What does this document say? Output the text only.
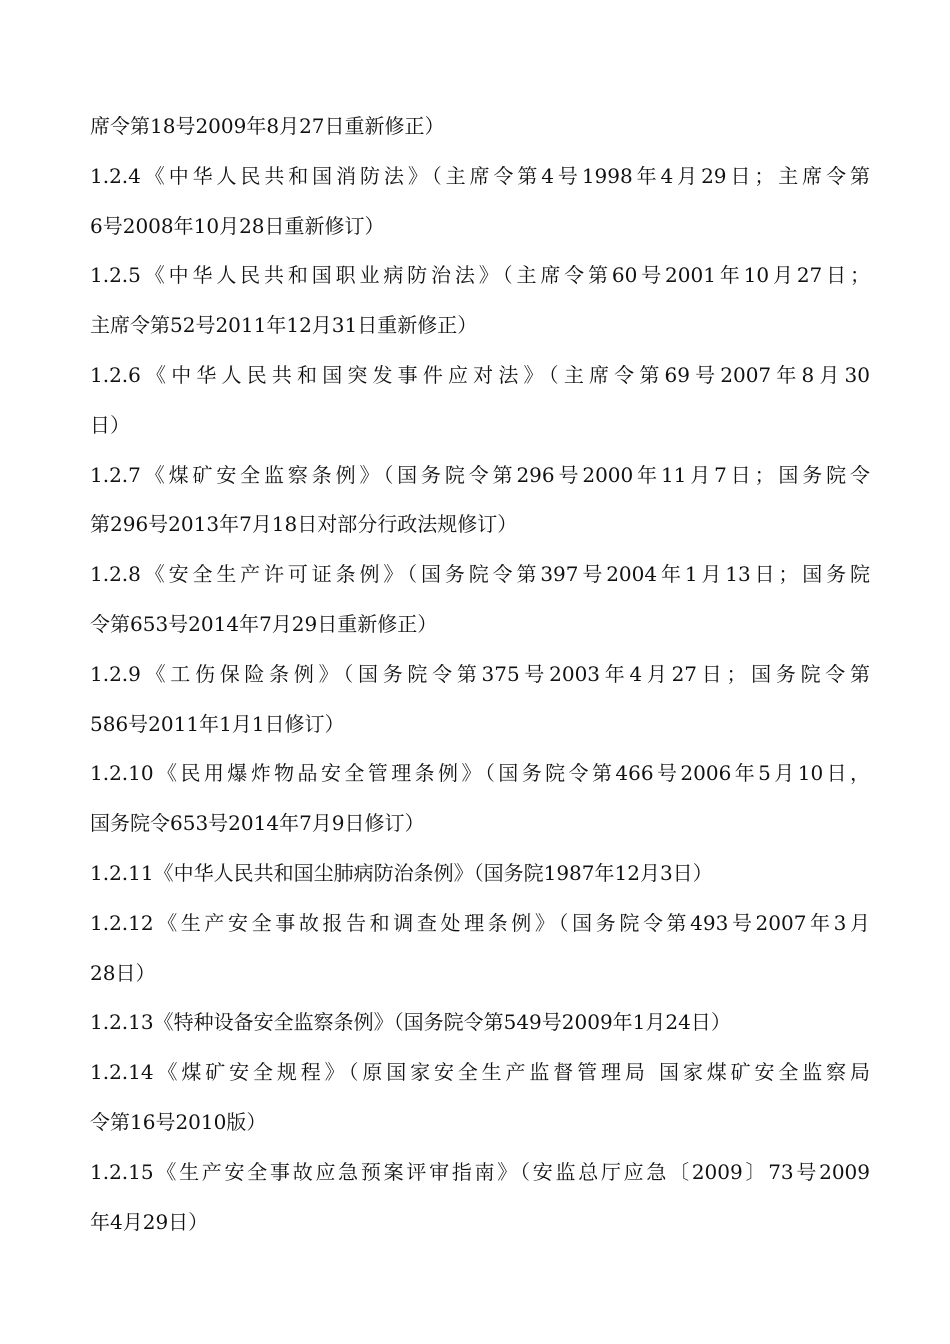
席令第18号2009年8月27日重新修正）
1.2.4《中华人民共和国消防法》（主席令第4号1998年4月29日；主席令第
6号2008年10月28日重新修订）
1.2.5《中华人民共和国职业病防治法》（主席令第60号2001年10月27日；
主席令第52号2011年12月31日重新修正）
1.2.6《中华人民共和国突发事件应对法》（主席令第69号2007年8月30
日）
1.2.7《煤矿安全监察条例》（国务院令第296号2000年11月7日；国务院令
第296号2013年7月18日对部分行政法规修订）
1.2.8《安全生产许可证条例》（国务院令第397号2004年1月13日；国务院
令第653号2014年7月29日重新修正）
1.2.9《工伤保险条例》（国务院令第375号2003年4月27日；国务院令第
586号2011年1月1日修订）
1.2.10《民用爆炸物品安全管理条例》（国务院令第466号2006年5月10日，
国务院令653号2014年7月9日修订）
1.2.11《中华人民共和国尘肺病防治条例》（国务院1987年12月3日）
1.2.12《生产安全事故报告和调查处理条例》（国务院令第493号2007年3月
28日）
1.2.13《特种设备安全监察条例》（国务院令第549号2009年1月24日）
1.2.14《煤矿安全规程》（原国家安全生产监督管理局 国家煤矿安全监察局
令第16号2010版）
1.2.15《生产安全事故应急预案评审指南》（安监总厅应急〔2009〕73号2009
年4月29日）
